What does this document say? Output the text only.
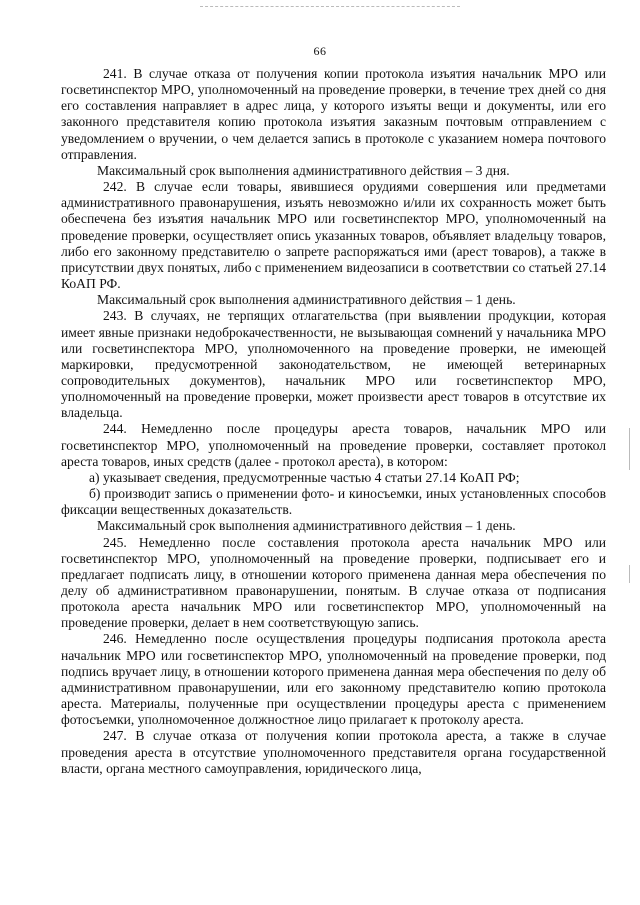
66

241. В случае отказа от получения копии протокола изъятия начальник МРО или госветинспектор МРО, уполномоченный на проведение проверки, в течение трех дней со дня его составления направляет в адрес лица, у которого изъяты вещи и документы, или его законного представителя копию протокола изъятия заказным почтовым отправлением с уведомлением о вручении, о чем делается запись в протоколе с указанием номера почтового отправления.

Максимальный срок выполнения административного действия – 3 дня.

242. В случае если товары, явившиеся орудиями совершения или предметами административного правонарушения, изъять невозможно и/или их сохранность может быть обеспечена без изъятия начальник МРО или госветинспектор МРО, уполномоченный на проведение проверки, осуществляет опись указанных товаров, объявляет владельцу товаров, либо его законному представителю о запрете распоряжаться ими (арест товаров), а также в присутствии двух понятых, либо с применением видеозаписи в соответствии со статьей 27.14 КоАП РФ.

Максимальный срок выполнения административного действия – 1 день.

243. В случаях, не терпящих отлагательства (при выявлении продукции, которая имеет явные признаки недоброкачественности, не вызывающая сомнений у начальника МРО или госветинспектора МРО, уполномоченного на проведение проверки, не имеющей маркировки, предусмотренной законодательством, не имеющей ветеринарных сопроводительных документов), начальник МРО или госветинспектор МРО, уполномоченный на проведение проверки, может произвести арест товаров в отсутствие их владельца.

244. Немедленно после процедуры ареста товаров, начальник МРО или госветинспектор МРО, уполномоченный на проведение проверки, составляет протокол ареста товаров, иных средств (далее - протокол ареста), в котором:

а) указывает сведения, предусмотренные частью 4 статьи 27.14 КоАП РФ;

б) производит запись о применении фото- и киносъемки, иных установленных способов фиксации вещественных доказательств.

Максимальный срок выполнения административного действия – 1 день.

245. Немедленно после составления протокола ареста начальник МРО или госветинспектор МРО, уполномоченный на проведение проверки, подписывает его и предлагает подписать лицу, в отношении которого применена данная мера обеспечения по делу об административном правонарушении, понятым. В случае отказа от подписания протокола ареста начальник МРО или госветинспектор МРО, уполномоченный на проведение проверки, делает в нем соответствующую запись.

246. Немедленно после осуществления процедуры подписания протокола ареста начальник МРО или госветинспектор МРО, уполномоченный на проведение проверки, под подпись вручает лицу, в отношении которого применена данная мера обеспечения по делу об административном правонарушении, или его законному представителю копию протокола ареста. Материалы, полученные при осуществлении процедуры ареста с применением фотосъемки, уполномоченное должностное лицо прилагает к протоколу ареста.

247. В случае отказа от получения копии протокола ареста, а также в случае проведения ареста в отсутствие уполномоченного представителя органа государственной власти, органа местного самоуправления, юридического лица,
